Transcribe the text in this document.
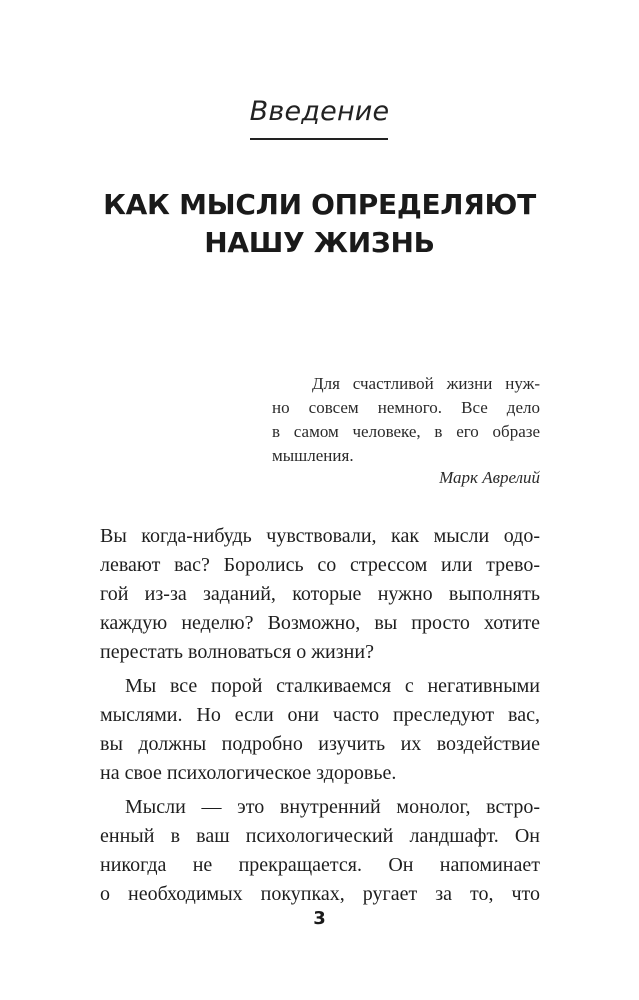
Введение
КАК МЫСЛИ ОПРЕДЕЛЯЮТ
НАШУ ЖИЗНЬ
Для счастливой жизни нуж-
но совсем немного. Все дело
в самом человеке, в его образе
мышления.
Марк Аврелий
Вы когда-нибудь чувствовали, как мысли одо-
левают вас? Боролись со стрессом или трево-
гой из-за заданий, которые нужно выполнять
каждую неделю? Возможно, вы просто хотите
перестать волноваться о жизни?
Мы все порой сталкиваемся с негативными
мыслями. Но если они часто преследуют вас,
вы должны подробно изучить их воздействие
на свое психологическое здоровье.
Мысли — это внутренний монолог, встро-
енный в ваш психологический ландшафт. Он
никогда не прекращается. Он напоминает
о необходимых покупках, ругает за то, что
3
